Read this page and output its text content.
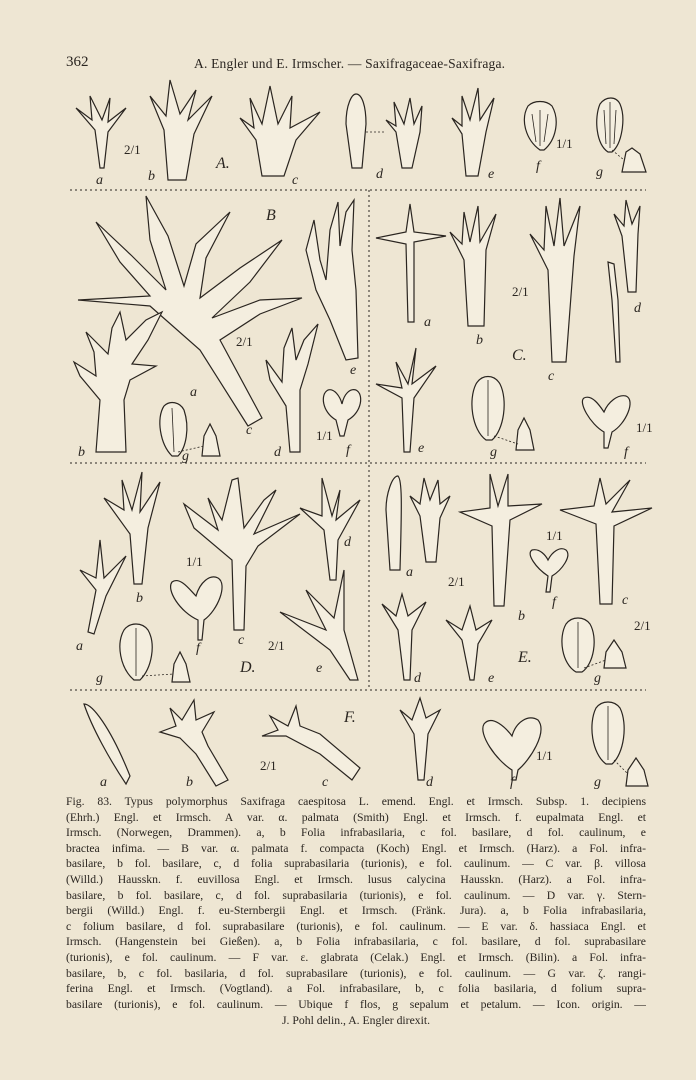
362	A. Engler und E. Irmscher. — Saxifragaceae-Saxifraga.
A.
B
C.
D.
E.
F.
2/1	1/1
2/1
1/1
2/1
1/1
1/1
2/1
2/1
1/1
2/1
2/1
1/1
a	b	c	d	e
f	g
a
b
c
d
e
f
g
a
b
c
d
e	f
g
a
b
c
d
e
f
g
a
b
c
d	e
f
g
a	b	c	d	f	g
Fig. 83. Typus polymorphus Saxifraga caespitosa L. emend. Engl. et Irmsch. Subsp. 1. decipiens
(Ehrh.) Engl. et Irmsch. A var. α. palmata (Smith) Engl. et Irmsch. f. eupalmata Engl. et
Irmsch. (Norwegen, Drammen). a, b Folia infrabasilaria, c fol. basilare, d fol. caulinum, e
bractea infima. — B var. α. palmata f. compacta (Koch) Engl. et Irmsch. (Harz). a Fol. infra-
basilare, b fol. basilare, c, d folia suprabasilaria (turionis), e fol. caulinum. — C var. β. villosa
(Willd.) Hausskn. f. euvillosa Engl. et Irmsch. lusus calycina Hausskn. (Harz). a Fol. infra-
basilare, b fol. basilare, c, d fol. suprabasilaria (turionis), e fol. caulinum. — D var. γ. Stern-
bergii (Willd.) Engl. f. eu-Sternbergii Engl. et Irmsch. (Fränk. Jura). a, b Folia infrabasilaria,
c folium basilare, d fol. suprabasilare (turionis), e fol. caulinum. — E var. δ. hassiaca Engl. et
Irmsch. (Hangenstein bei Gießen). a, b Folia infrabasilaria, c fol. basilare, d fol. suprabasilare
(turionis), e fol. caulinum. — F var. ε. glabrata (Celak.) Engl. et Irmsch. (Bilin). a Fol. infra-
basilare, b, c fol. basilaria, d fol. suprabasilare (turionis), e fol. caulinum. — G var. ζ. rangi-
ferina Engl. et Irmsch. (Vogtland). a Fol. infrabasilare, b, c folia basilaria, d folium supra-
basilare (turionis), e fol. caulinum. — Ubique f flos, g sepalum et petalum. — Icon. origin. —
J. Pohl delin., A. Engler direxit.
